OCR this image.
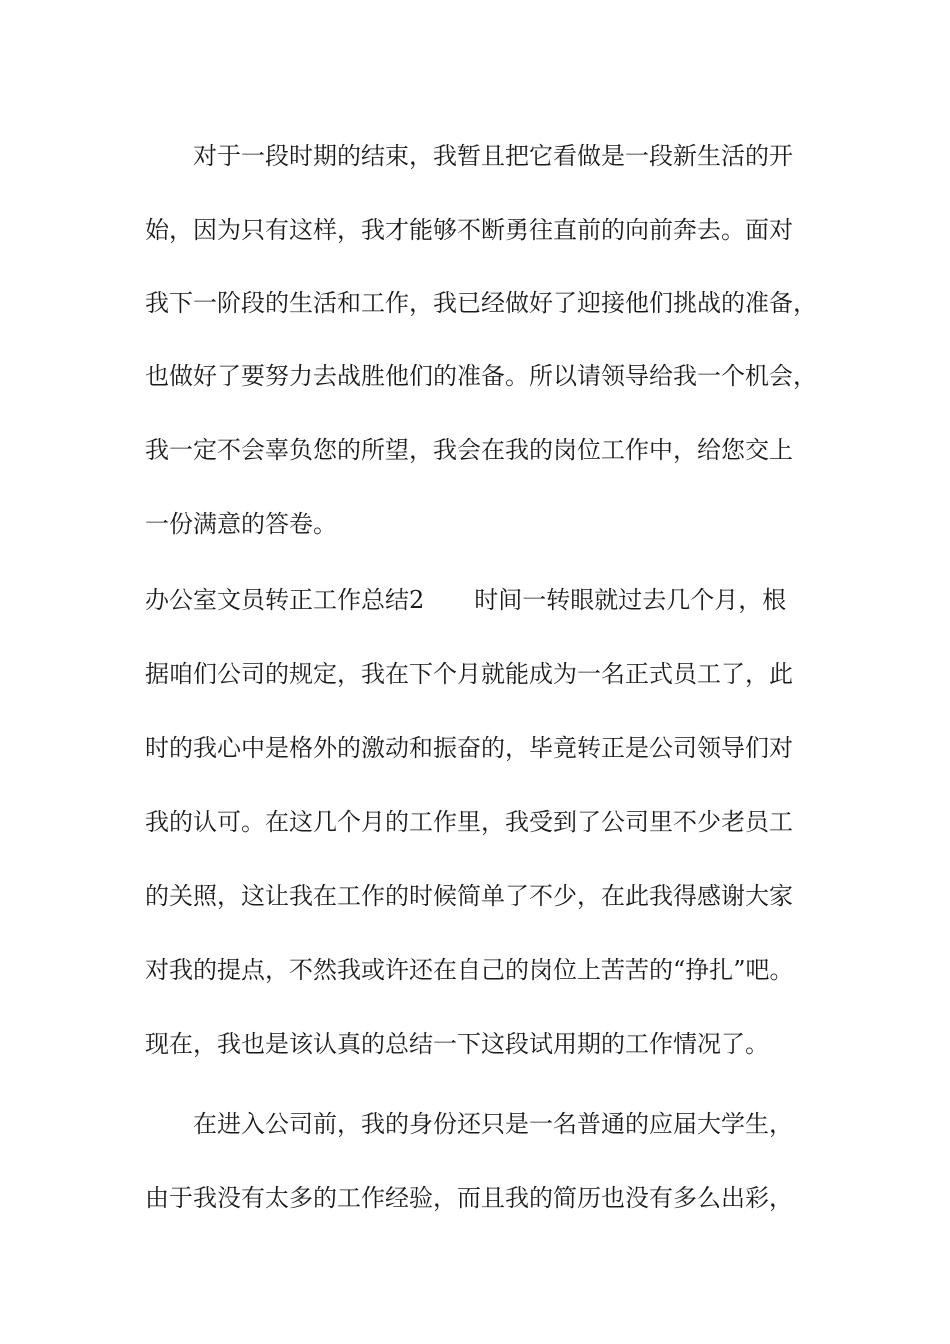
对于一段时期的结束，我暂且把它看做是一段新生活的开
始，因为只有这样，我才能够不断勇往直前的向前奔去。面对
我下一阶段的生活和工作，我已经做好了迎接他们挑战的准备，
也做好了要努力去战胜他们的准备。所以请领导给我一个机会，
我一定不会辜负您的所望，我会在我的岗位工作中，给您交上
一份满意的答卷。
办公室文员转正工作总结2 时间一转眼就过去几个月，根
据咱们公司的规定，我在下个月就能成为一名正式员工了，此
时的我心中是格外的激动和振奋的，毕竟转正是公司领导们对
我的认可。在这几个月的工作里，我受到了公司里不少老员工
的关照，这让我在工作的时候简单了不少，在此我得感谢大家
对我的提点，不然我或许还在自己的岗位上苦苦的“挣扎”吧。
现在，我也是该认真的总结一下这段试用期的工作情况了。
在进入公司前，我的身份还只是一名普通的应届大学生，
由于我没有太多的工作经验，而且我的简历也没有多么出彩，
